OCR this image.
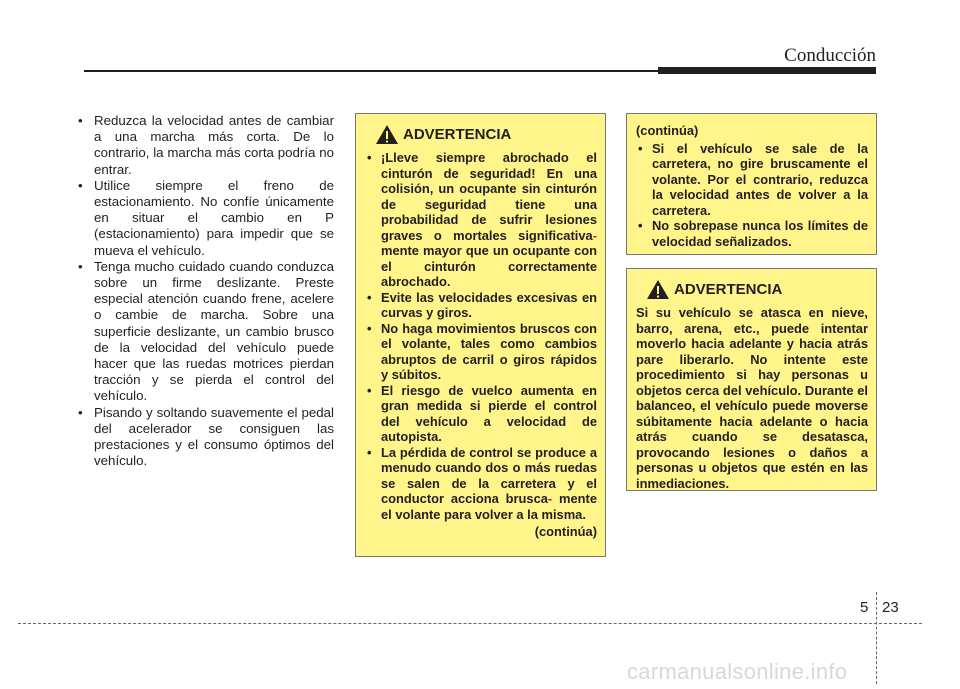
Conducción
• Reduzca la velocidad antes de cambiar a una marcha más corta. De lo contrario, la marcha más corta podría no entrar.
• Utilice siempre el freno de estacionamiento. No confíe únicamente en situar el cambio en P (estacionamiento) para impedir que se mueva el vehículo.
• Tenga mucho cuidado cuando conduzca sobre un firme deslizante. Preste especial atención cuando frene, acelere o cambie de marcha. Sobre una superficie deslizante, un cambio brusco de la velocidad del vehículo puede hacer que las ruedas motrices pierdan tracción y se pierda el control del vehículo.
• Pisando y soltando suavemente el pedal del acelerador se consiguen las prestaciones y el consumo óptimos del vehículo.
ADVERTENCIA
• ¡Lleve siempre abrochado el cinturón de seguridad! En una colisión, un ocupante sin cinturón de seguridad tiene una probabilidad de sufrir lesiones graves o mortales significativa- mente mayor que un ocupante con el cinturón correctamente abrochado.
• Evite las velocidades excesivas en curvas y giros.
• No haga movimientos bruscos con el volante, tales como cambios abruptos de carril o giros rápidos y súbitos.
• El riesgo de vuelco aumenta en gran medida si pierde el control del vehículo a velocidad de autopista.
• La pérdida de control se produce a menudo cuando dos o más ruedas se salen de la carretera y el conductor acciona brusca- mente el volante para volver a la misma.
(continúa)
(continúa)
• Si el vehículo se sale de la carretera, no gire bruscamente el volante. Por el contrario, reduzca la velocidad antes de volver a la carretera.
• No sobrepase nunca los límites de velocidad señalizados.
ADVERTENCIA
Si su vehículo se atasca en nieve, barro, arena, etc., puede intentar moverlo hacia adelante y hacia atrás pare liberarlo. No intente este procedimiento si hay personas u objetos cerca del vehículo. Durante el balanceo, el vehículo puede moverse súbitamente hacia adelante o hacia atrás cuando se desatasca, provocando lesiones o daños a personas u objetos que estén en las inmediaciones.
5 23
carmanualsonline.info
